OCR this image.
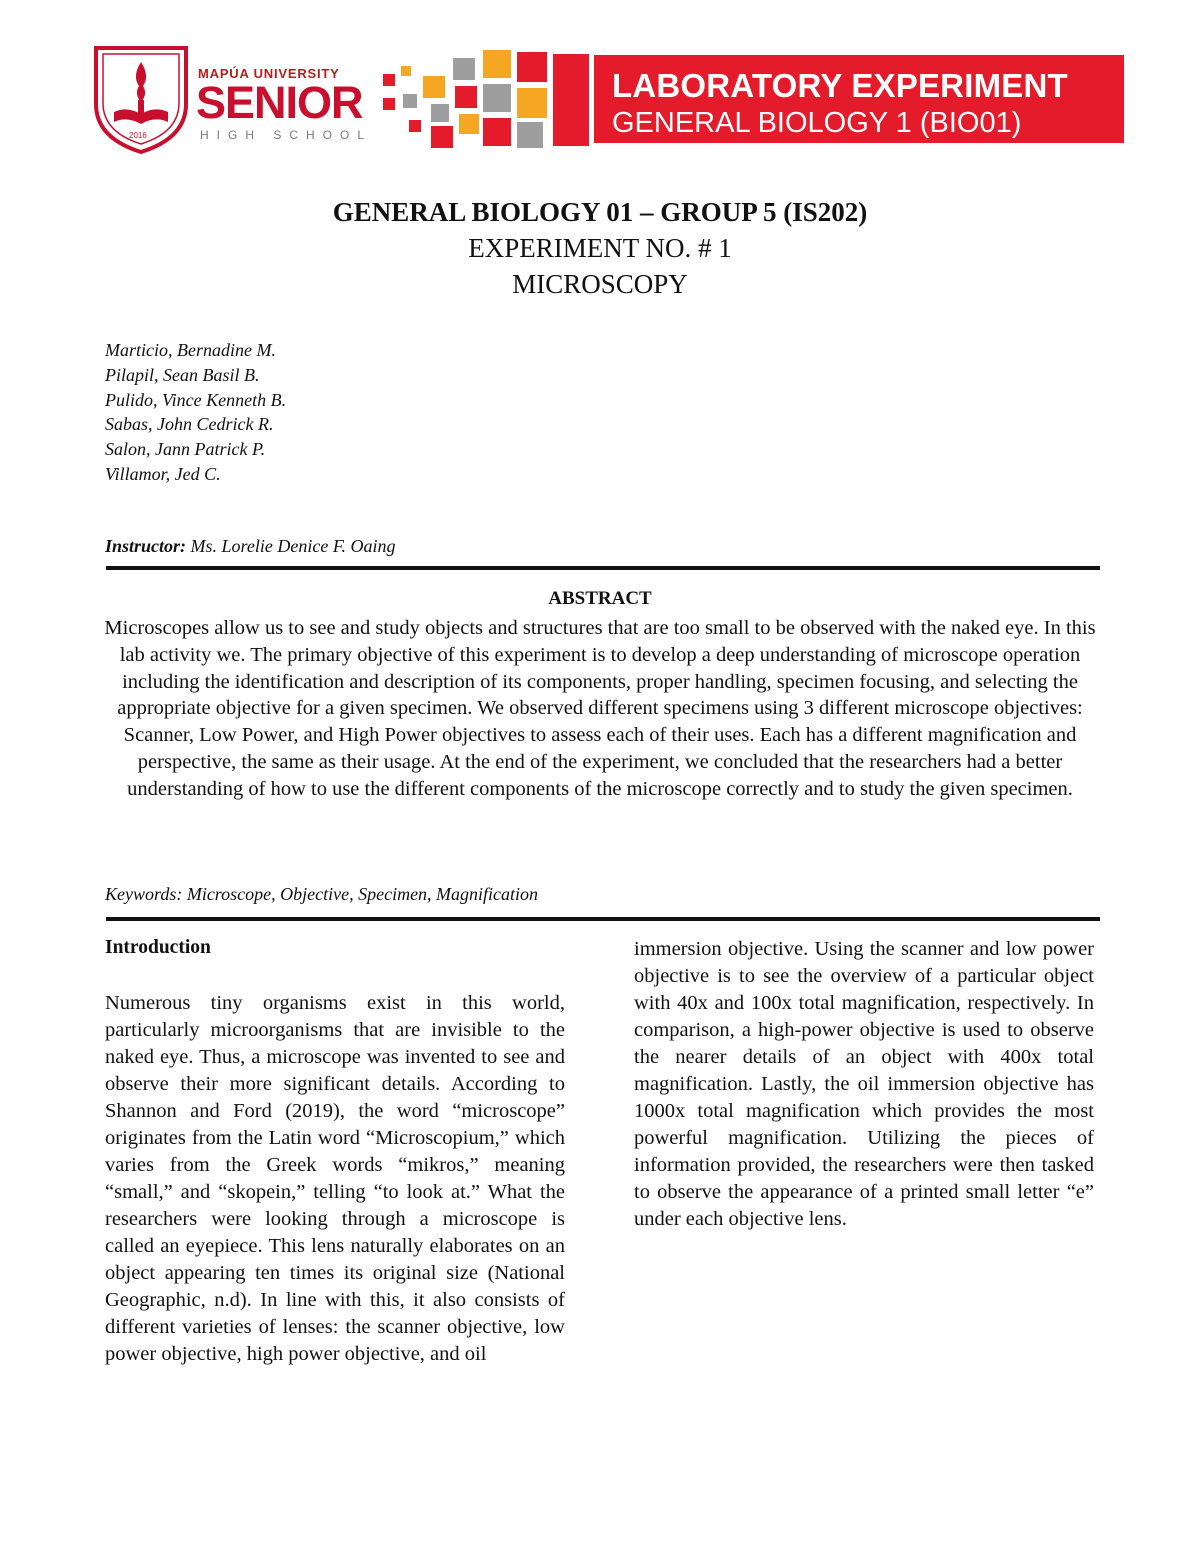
2016
MAPÚA UNIVERSITY
SENIOR
HIGH SCHOOL
LABORATORY EXPERIMENT
GENERAL BIOLOGY 1 (BIO01)
GENERAL BIOLOGY 01 – GROUP 5 (IS202)
EXPERIMENT NO. # 1
MICROSCOPY
Marticio, Bernadine M.
Pilapil, Sean Basil B.
Pulido, Vince Kenneth B.
Sabas, John Cedrick R.
Salon, Jann Patrick P.
Villamor, Jed C.
Instructor: Ms. Lorelie Denice F. Oaing
ABSTRACT
Microscopes allow us to see and study objects and structures that are too small to be observed with the naked eye. In this lab activity we. The primary objective of this experiment is to develop a deep understanding of microscope operation including the identification and description of its components, proper handling, specimen focusing, and selecting the appropriate objective for a given specimen. We observed different specimens using 3 different microscope objectives: Scanner, Low Power, and High Power objectives to assess each of their uses. Each has a different magnification and perspective, the same as their usage. At the end of the experiment, we concluded that the researchers had a better understanding of how to use the different components of the microscope correctly and to study the given specimen.
Keywords: Microscope, Objective, Specimen, Magnification
Introduction
Numerous tiny organisms exist in this world, particularly microorganisms that are invisible to the naked eye. Thus, a microscope was invented to see and observe their more significant details. According to Shannon and Ford (2019), the word “microscope” originates from the Latin word “Microscopium,” which varies from the Greek words “mikros,” meaning “small,” and “skopein,” telling “to look at.” What the researchers were looking through a microscope is called an eyepiece. This lens naturally elaborates on an object appearing ten times its original size (National Geographic, n.d). In line with this, it also consists of different varieties of lenses: the scanner objective, low power objective, high power objective, and oil
immersion objective. Using the scanner and low power objective is to see the overview of a particular object with 40x and 100x total magnification, respectively. In comparison, a high-power objective is used to observe the nearer details of an object with 400x total magnification. Lastly, the oil immersion objective has 1000x total magnification which provides the most powerful magnification. Utilizing the pieces of information provided, the researchers were then tasked to observe the appearance of a printed small letter “e” under each objective lens.
